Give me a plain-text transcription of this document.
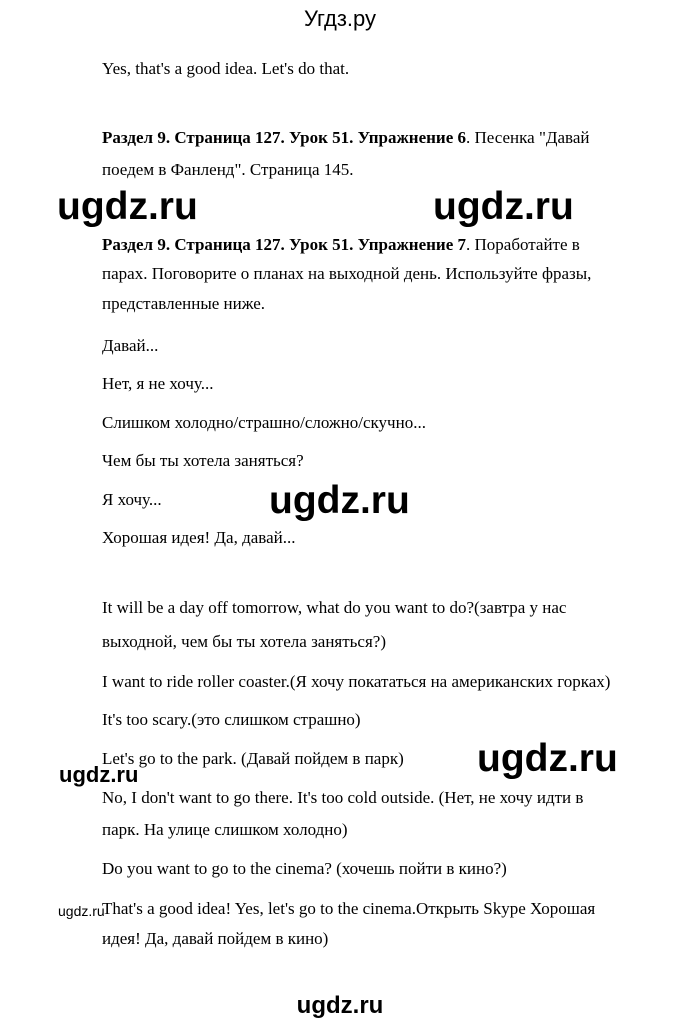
Угдз.ру

Yes, that's a good idea. Let's do that.

Раздел 9. Страница 127. Урок 51. Упражнение 6. Песенка "Давай

поедем в Фанленд". Страница 145.

ugdz.ru	ugdz.ru

Раздел 9. Страница 127. Урок 51. Упражнение 7. Поработайте в

парах. Поговорите о планах на выходной день. Используйте фразы,

представленные ниже.

Давай...

Нет, я не хочу...

Слишком холодно/страшно/сложно/скучно...

Чем бы ты хотела заняться?

Я хочу...	ugdz.ru

Хорошая идея! Да, давай...

It will be a day off tomorrow, what do you want to do?(завтра у нас

выходной, чем бы ты хотела заняться?)

I want to ride roller coaster.(Я хочу покататься на американских горках)

It's too scary.(это слишком страшно)

Let's go to the park. (Давай пойдем в парк) ugdz.ru
ugdz.ru

No, I don't want to go there. It's too cold outside. (Нет, не хочу идти в

парк. На улице слишком холодно)

Do you want to go to the cinema? (хочешь пойти в кино?)

ugdz.ru

That's a good idea! Yes, let's go to the cinema.Открыть Skype Хорошая

идея! Да, давай пойдем в кино)

ugdz.ru
